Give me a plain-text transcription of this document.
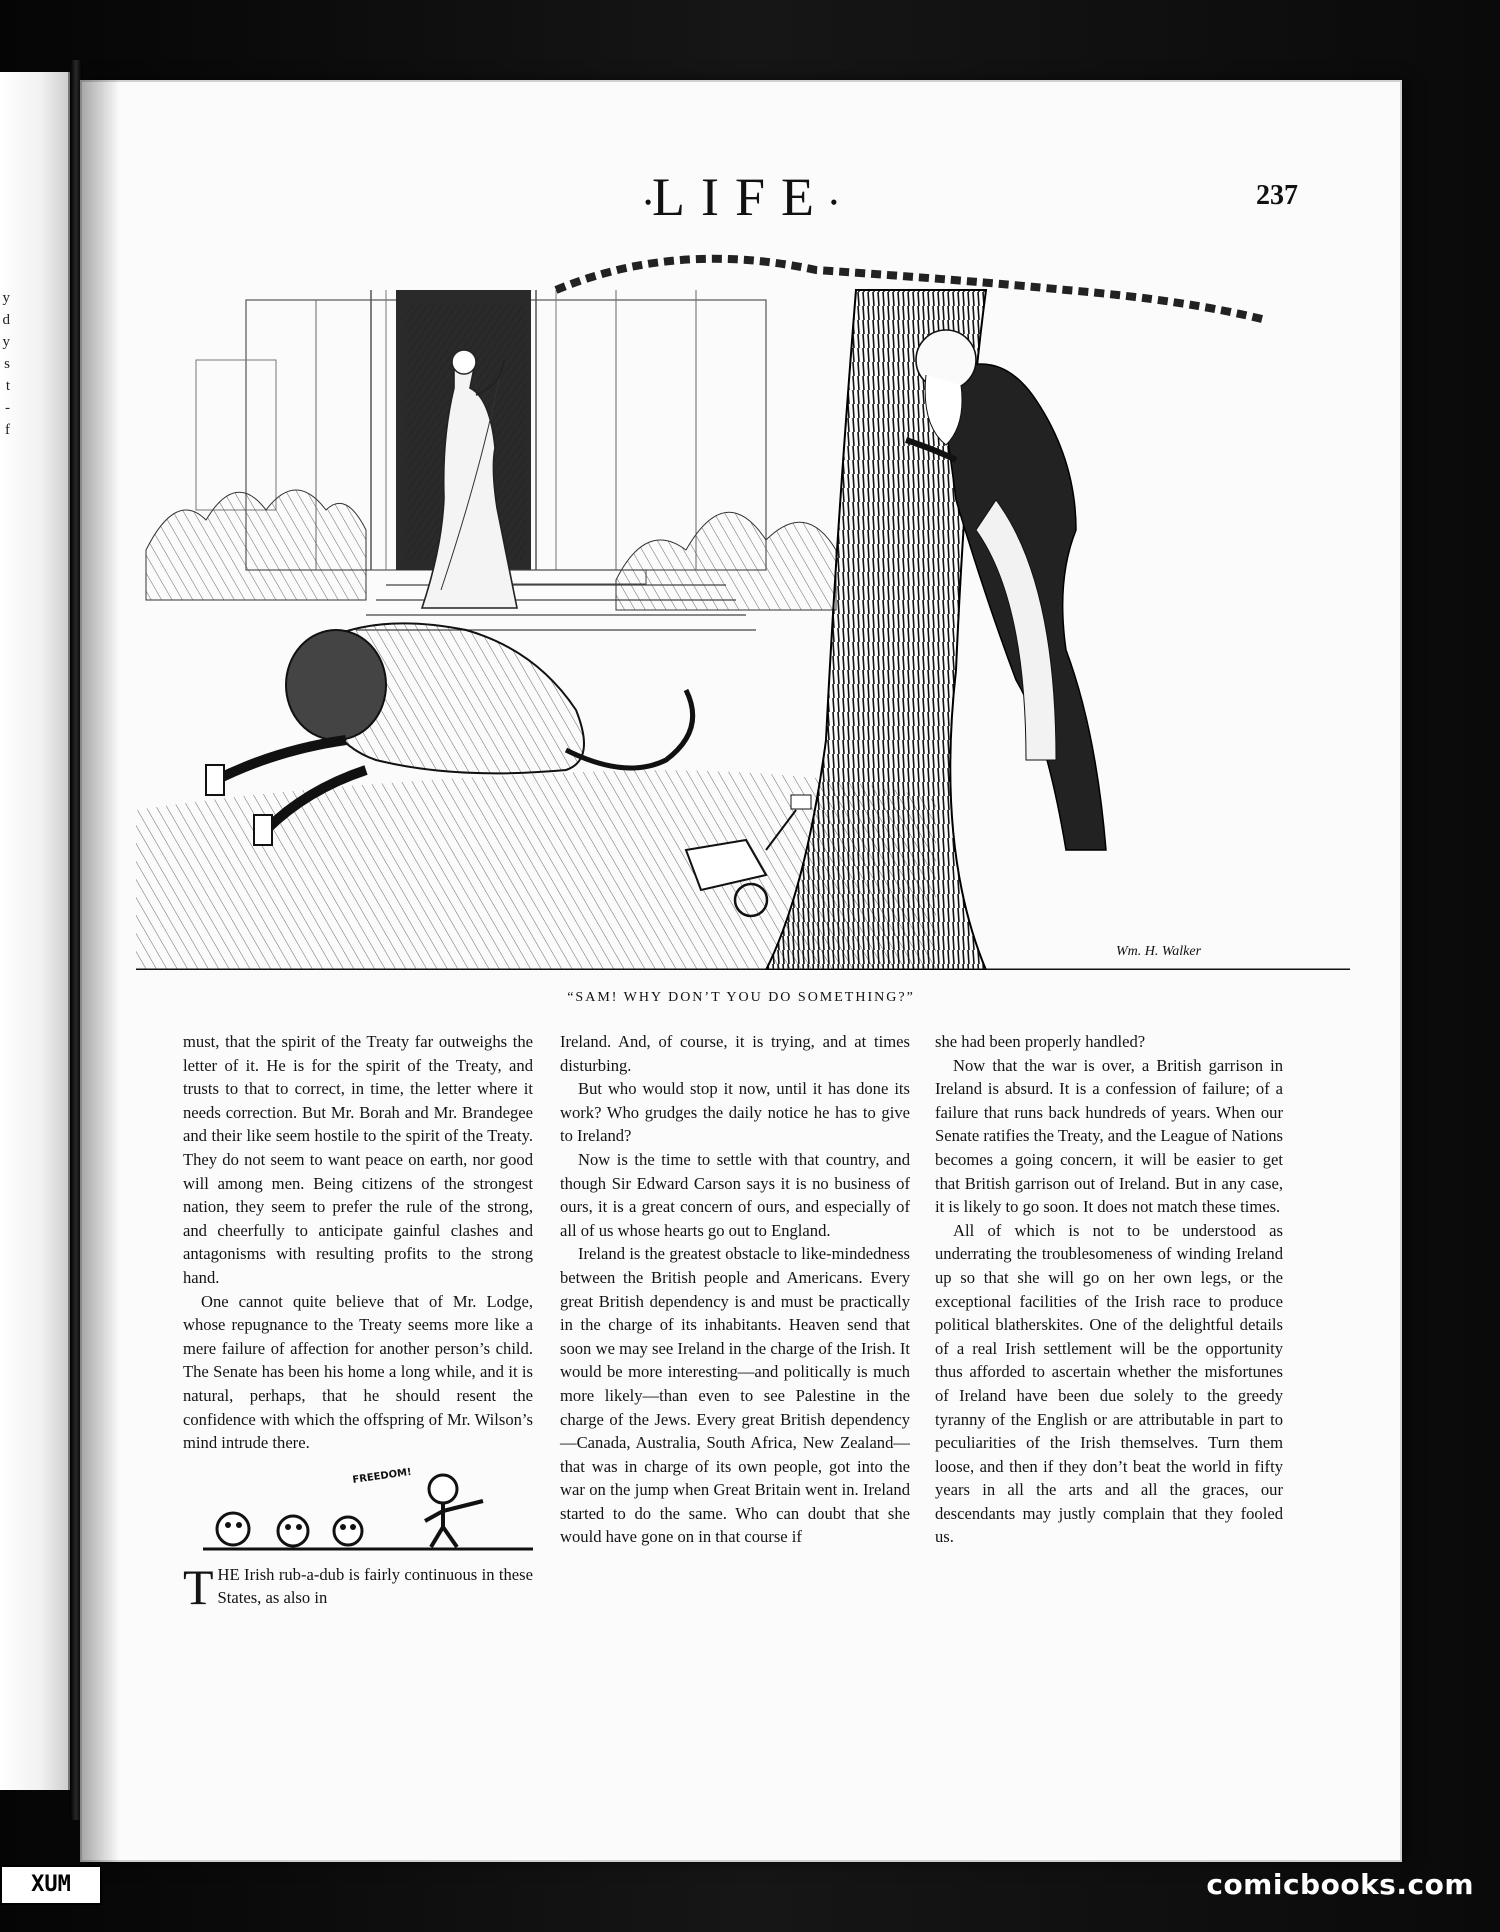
y
d
y
s
t
-
f
•LIFE•	237
Wm. H. Walker
“SAM! WHY DON’T YOU DO SOMETHING?”

must, that the spirit of the Treaty far outweighs the letter of it. He is for the spirit of the Treaty, and trusts to that to correct, in time, the letter where it needs correction. But Mr. Borah and Mr. Brandegee and their like seem hostile to the spirit of the Treaty. They do not seem to want peace on earth, nor good will among men. Being citizens of the strongest nation, they seem to prefer the rule of the strong, and cheerfully to anticipate gainful clashes and antagonisms with resulting profits to the strong hand.

One cannot quite believe that of Mr. Lodge, whose repugnance to the Treaty seems more like a mere failure of affection for another person’s child. The Senate has been his home a long while, and it is natural, perhaps, that he should resent the confidence with which the offspring of Mr. Wilson’s mind intrude there.

FREEDOM!

THE Irish rub-a-dub is fairly continuous in these States, as also in

Ireland. And, of course, it is trying, and at times disturbing.

But who would stop it now, until it has done its work? Who grudges the daily notice he has to give to Ireland?

Now is the time to settle with that country, and though Sir Edward Carson says it is no business of ours, it is a great concern of ours, and especially of all of us whose hearts go out to England.

Ireland is the greatest obstacle to like-mindedness between the British people and Americans. Every great British dependency is and must be practically in the charge of its inhabitants. Heaven send that soon we may see Ireland in the charge of the Irish. It would be more interesting—and politically is much more likely—than even to see Palestine in the charge of the Jews. Every great British dependency—Canada, Australia, South Africa, New Zealand—that was in charge of its own people, got into the war on the jump when Great Britain went in. Ireland started to do the same. Who can doubt that she would have gone on in that course if

she had been properly handled?

Now that the war is over, a British garrison in Ireland is absurd. It is a confession of failure; of a failure that runs back hundreds of years. When our Senate ratifies the Treaty, and the League of Nations becomes a going concern, it will be easier to get that British garrison out of Ireland. But in any case, it is likely to go soon. It does not match these times.

All of which is not to be understood as underrating the troublesomeness of winding Ireland up so that she will go on her own legs, or the exceptional facilities of the Irish race to produce political blatherskites. One of the delightful details of a real Irish settlement will be the opportunity thus afforded to ascertain whether the misfortunes of Ireland have been due solely to the greedy tyranny of the English or are attributable in part to peculiarities of the Irish themselves. Turn them loose, and then if they don’t beat the world in fifty years in all the arts and all the graces, our descendants may justly complain that they fooled us.

XUM	comicbooks.com
